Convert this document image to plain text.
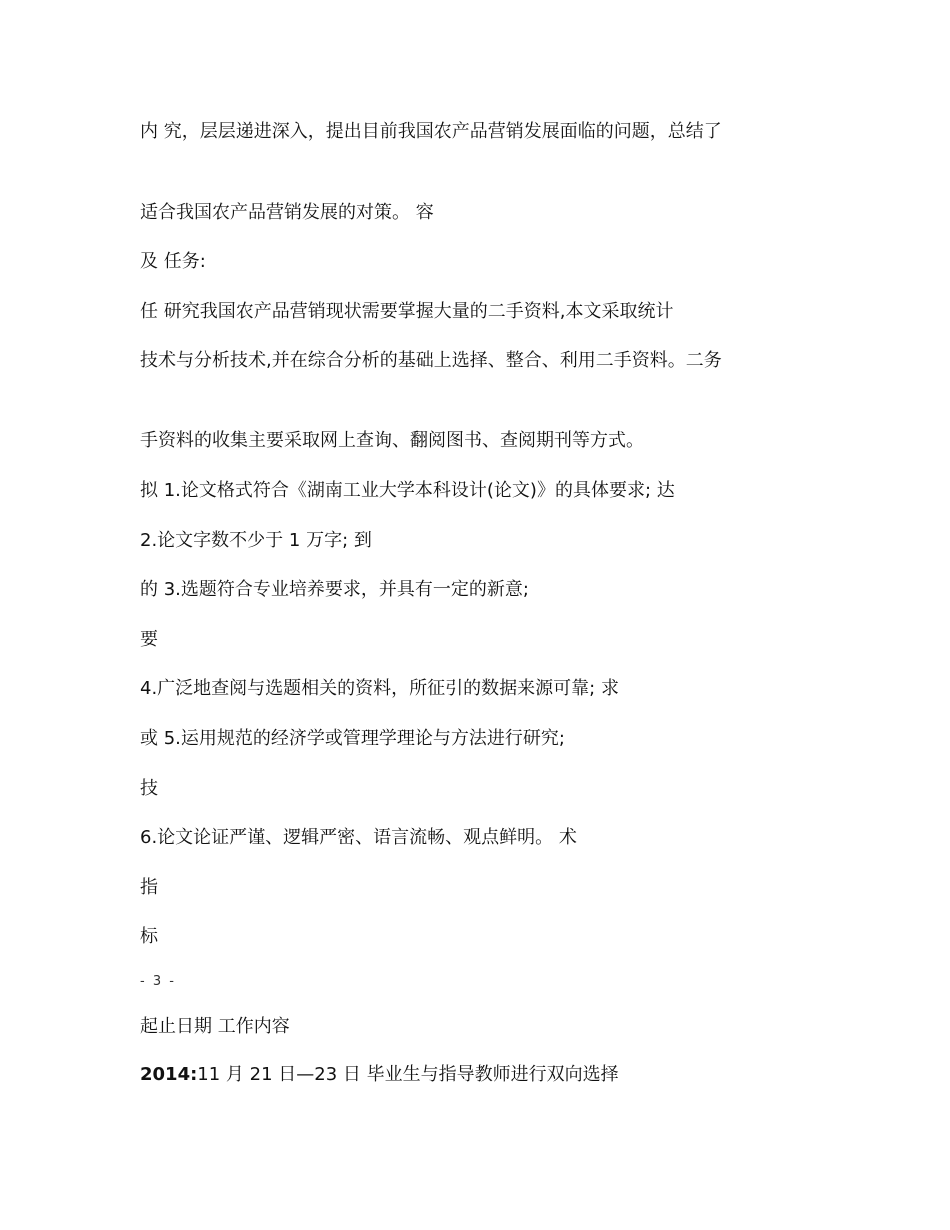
内 究，层层递进深入，提出目前我国农产品营销发展面临的问题，总结了
适合我国农产品营销发展的对策。 容
及 任务:
任 研究我国农产品营销现状需要掌握大量的二手资料,本文采取统计
技术与分析技术,并在综合分析的基础上选择、整合、利用二手资料。二务
手资料的收集主要采取网上查询、翻阅图书、查阅期刊等方式。
拟 1.论文格式符合《湖南工业大学本科设计(论文)》的具体要求; 达
2.论文字数不少于 1 万字; 到
的 3.选题符合专业培养要求，并具有一定的新意;
要
4.广泛地查阅与选题相关的资料，所征引的数据来源可靠; 求
或 5.运用规范的经济学或管理学理论与方法进行研究;
技
6.论文论证严谨、逻辑严密、语言流畅、观点鲜明。 术
指
标
- 3 -
起止日期 工作内容
2014:11 月 21 日—23 日 毕业生与指导教师进行双向选择
